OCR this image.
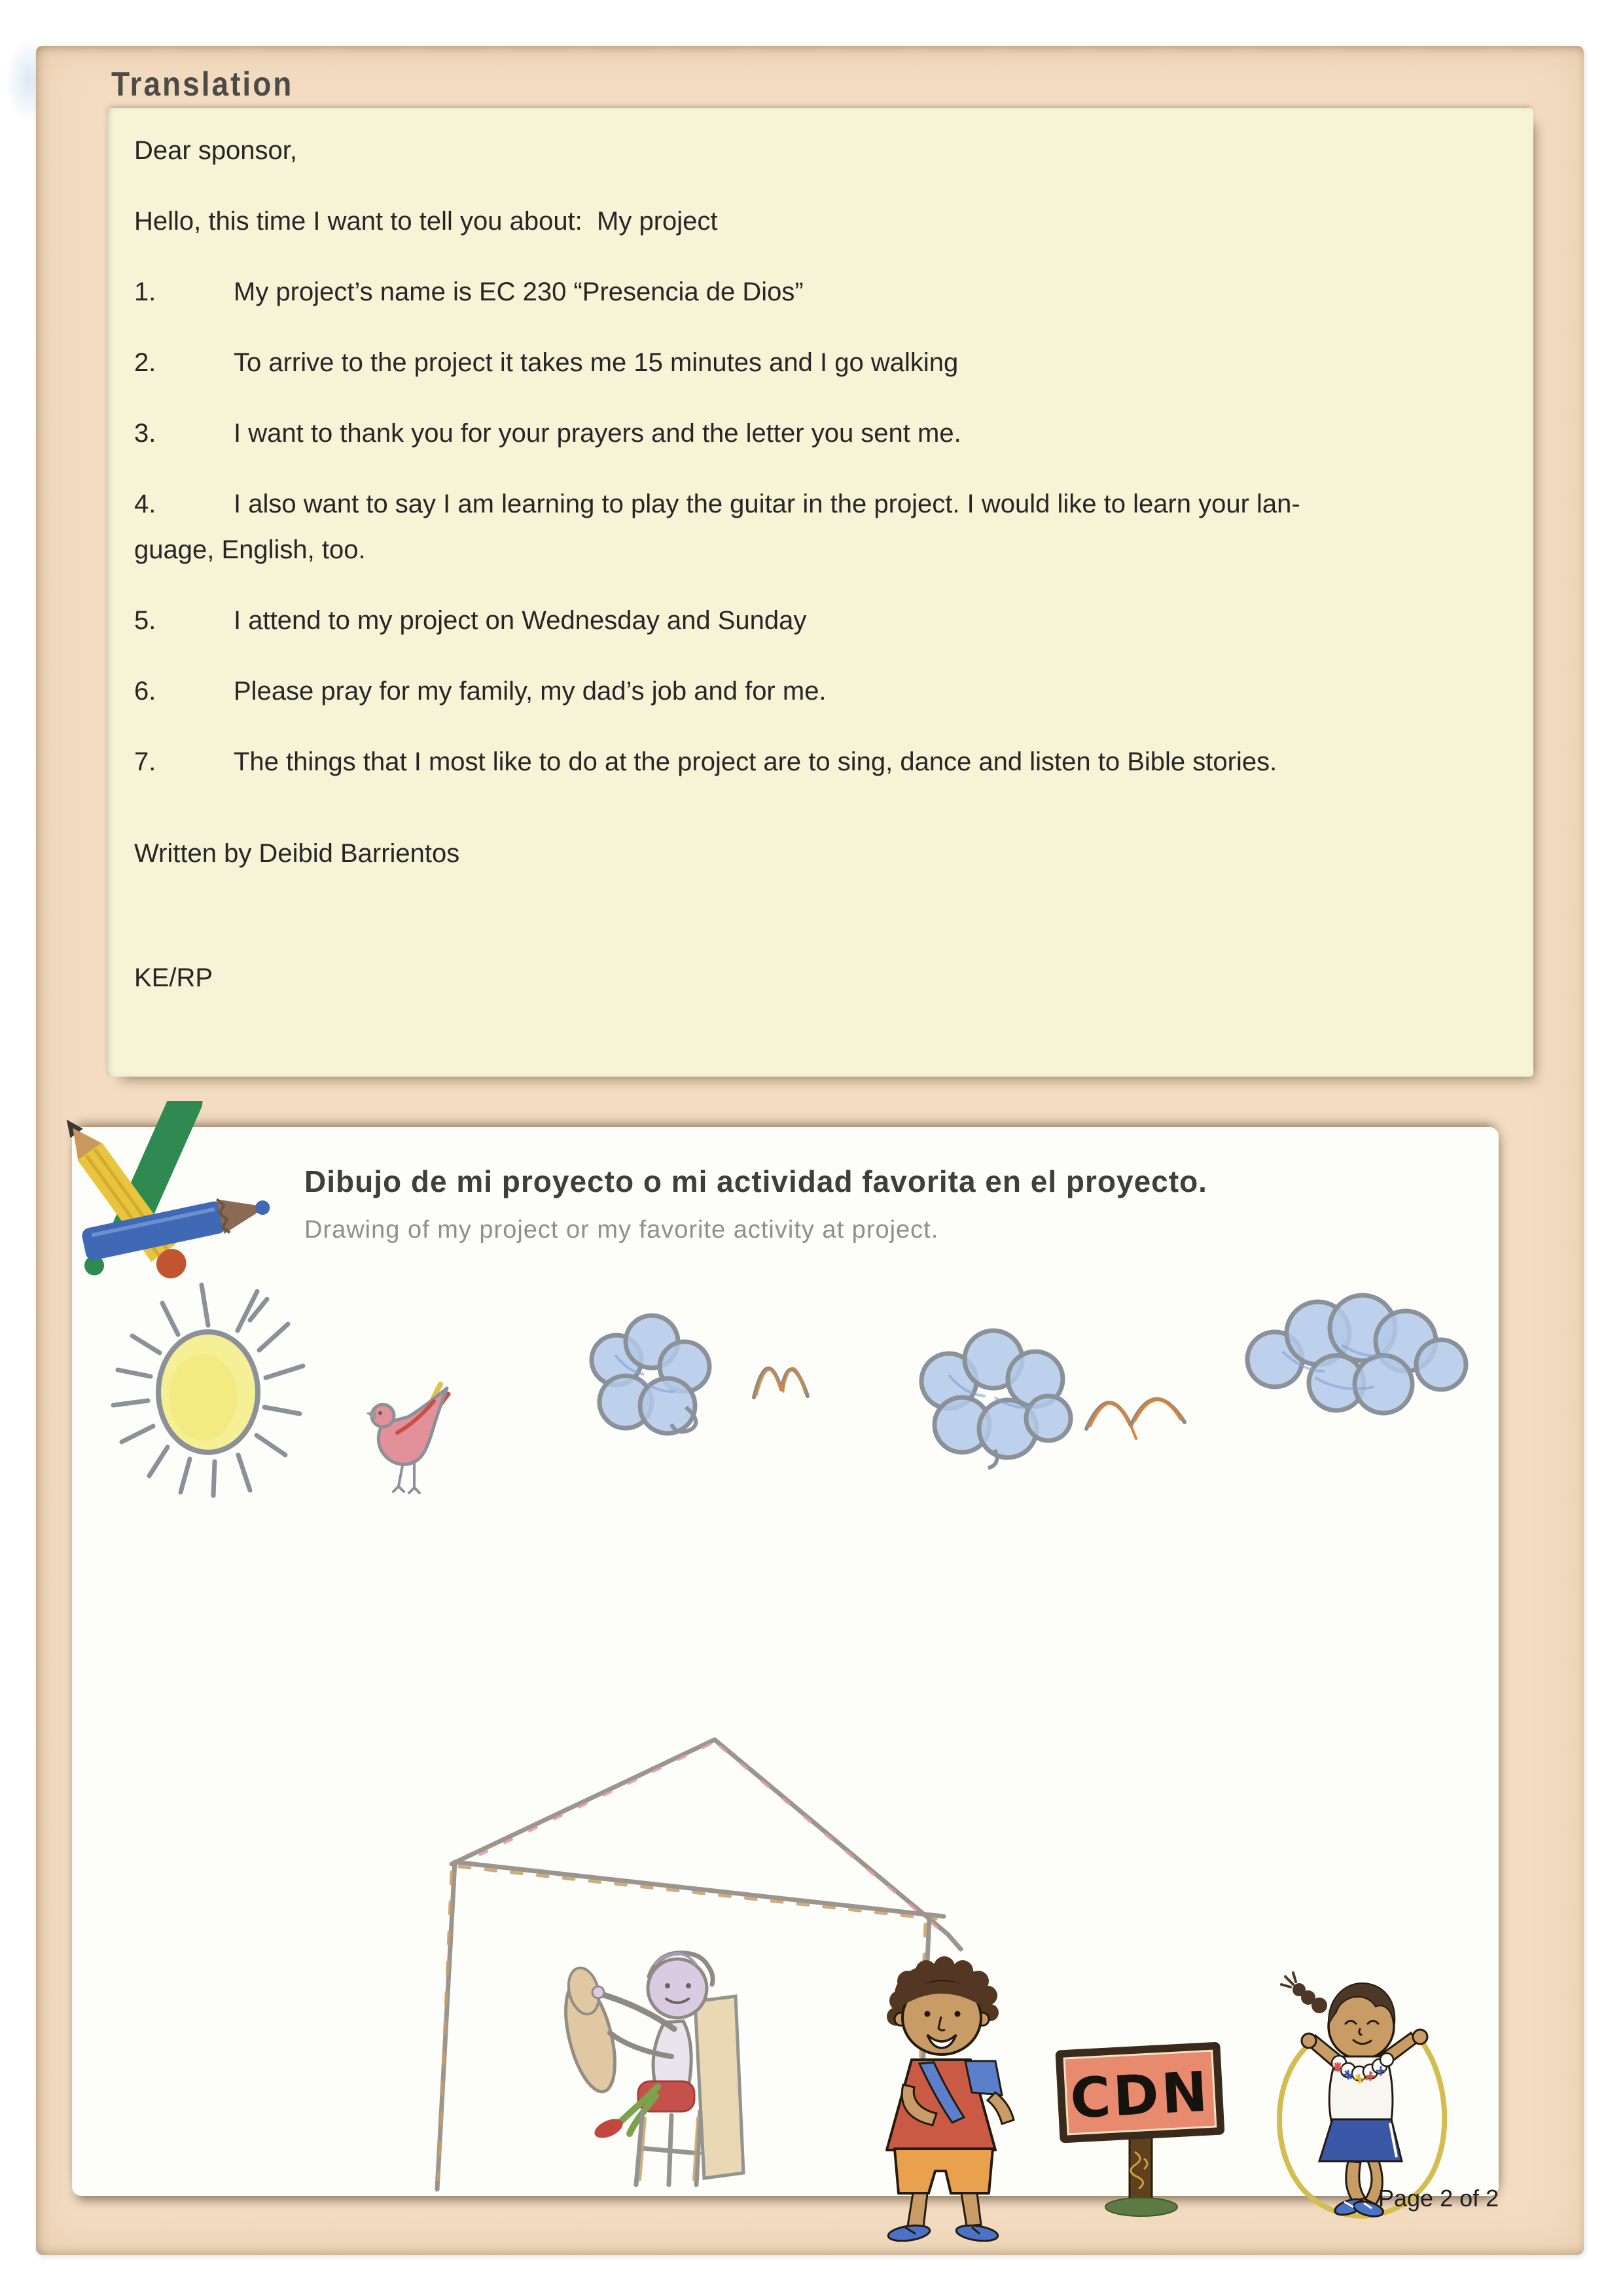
Translation

Dear sponsor,

Hello, this time I want to tell you about:  My project

1.	My project’s name is EC 230 “Presencia de Dios”

2.	To arrive to the project it takes me 15 minutes and I go walking

3.	I want to thank you for your prayers and the letter you sent me.

4.	I also want to say I am learning to play the guitar in the project. I would like to learn your lan-

guage, English, too.

5.	I attend to my project on Wednesday and Sunday

6.	Please pray for my family, my dad’s job and for me.

7.	The things that I most like to do at the project are to sing, dance and listen to Bible stories.

Written by Deibid Barrientos

KE/RP

Dibujo de mi proyecto o mi actividad favorita en el proyecto.
Drawing of my project or my favorite activity at project.
CDN
Page 2 of 2
